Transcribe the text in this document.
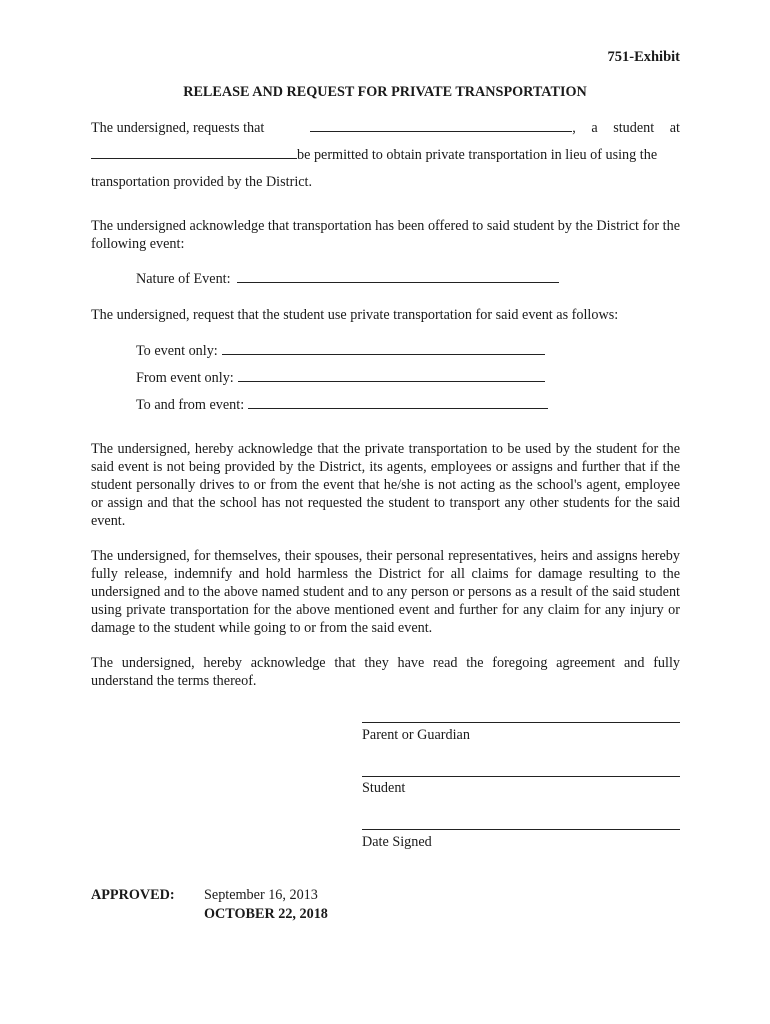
751-Exhibit
RELEASE AND REQUEST FOR PRIVATE TRANSPORTATION
The undersigned, requests that	, a student at
be permitted to obtain private transportation in lieu of using the
transportation provided by the District.
The undersigned acknowledge that transportation has been offered to said student by the District for the following event:
Nature of Event:
The undersigned, request that the student use private transportation for said event as follows:
To event only:
From event only:
To and from event:
The undersigned, hereby acknowledge that the private transportation to be used by the student for the said event is not being provided by the District, its agents, employees or assigns and further that if the student personally drives to or from the event that he/she is not acting as the school's agent, employee or assign and that the school has not requested the student to transport any other students for the said event.
The undersigned, for themselves, their spouses, their personal representatives, heirs and assigns hereby fully release, indemnify and hold harmless the District for all claims for damage resulting to the undersigned and to the above named student and to any person or persons as a result of the said student using private transportation for the above mentioned event and further for any claim for any injury or damage to the student while going to or from the said event.
The undersigned, hereby acknowledge that they have read the foregoing agreement and fully understand the terms thereof.
Parent or Guardian
Student
Date Signed
APPROVED: September 16, 2013
OCTOBER 22, 2018
